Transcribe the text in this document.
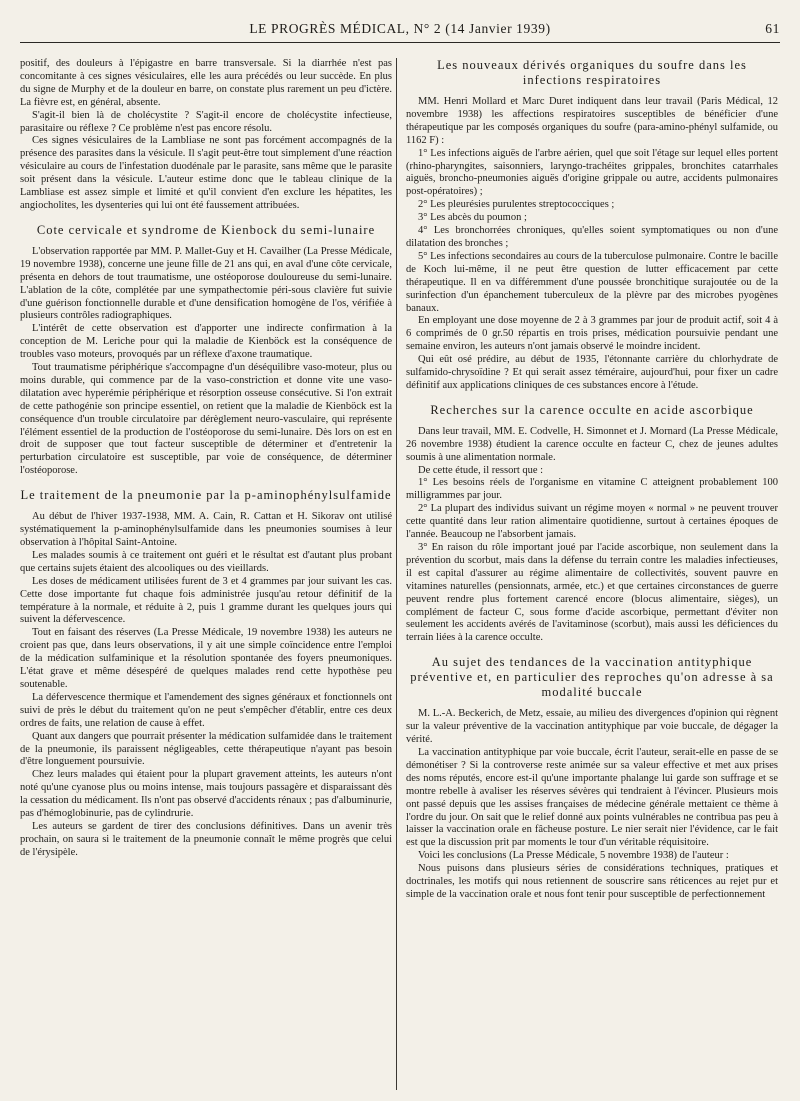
LE PROGRÈS MÉDICAL, N° 2 (14 Janvier 1939)	61

positif, des douleurs à l'épigastre en barre transversale. Si la diarrhée n'est pas concomitante à ces signes vésiculaires, elle les aura précédés ou leur succède. En plus du signe de Murphy et de la douleur en barre, on constate plus rarement un peu d'ictère. La fièvre est, en général, absente.

S'agit-il bien là de cholécystite ? S'agit-il encore de cholécystite infectieuse, parasitaire ou réflexe ? Ce problème n'est pas encore résolu.

Ces signes vésiculaires de la Lambliase ne sont pas forcément accompagnés de la présence des parasites dans la vésicule. Il s'agit peut-être tout simplement d'une réaction vésiculaire au cours de l'infestation duodénale par le parasite, sans même que le parasite soit présent dans la vésicule. L'auteur estime donc que le tableau clinique de la Lambliase est assez simple et limité et qu'il convient d'en exclure les hépatites, les angiocholites, les dysenteries qui lui ont été faussement attribuées.

Cote cervicale et syndrome de Kienbock du semi-lunaire

L'observation rapportée par MM. P. Mallet-Guy et H. Cavailher (La Presse Médicale, 19 novembre 1938), concerne une jeune fille de 21 ans qui, en aval d'une côte cervicale, présenta en dehors de tout traumatisme, une ostéoporose douloureuse du semi-lunaire. L'ablation de la côte, complétée par une sympathectomie péri-sous clavière fut suivie d'une guérison fonctionnelle durable et d'une densification homogène de l'os, vérifiée à plusieurs contrôles radiographiques.

L'intérêt de cette observation est d'apporter une indirecte confirmation à la conception de M. Leriche pour qui la maladie de Kienböck est la conséquence de troubles vaso moteurs, provoqués par un réflexe d'axone traumatique.

Tout traumatisme périphérique s'accompagne d'un déséquilibre vaso-moteur, plus ou moins durable, qui commence par de la vaso-constriction et donne vite une vaso-dilatation avec hyperémie périphérique et résorption osseuse consécutive. Si l'on extrait de cette pathogénie son principe essentiel, on retient que la maladie de Kienböck est la conséquence d'un trouble circulatoire par dérèglement neuro-vasculaire, qui représente l'élément essentiel de la production de l'ostéoporose du semi-lunaire. Dès lors on est en droit de supposer que tout facteur susceptible de déterminer et d'entretenir la perturbation circulatoire est susceptible, par voie de conséquence, de déterminer l'ostéoporose.

Le traitement de la pneumonie par la p-aminophénylsulfamide

Au début de l'hiver 1937-1938, MM. A. Cain, R. Cattan et H. Sikorav ont utilisé systématiquement la p-aminophénylsulfamide dans les pneumonies soumises à leur observation à l'hôpital Saint-Antoine.

Les malades soumis à ce traitement ont guéri et le résultat est d'autant plus probant que certains sujets étaient des alcooliques ou des vieillards.

Les doses de médicament utilisées furent de 3 et 4 grammes par jour suivant les cas. Cette dose importante fut chaque fois administrée jusqu'au retour définitif de la température à la normale, et réduite à 2, puis 1 gramme durant les quelques jours qui suivent la défervescence.

Tout en faisant des réserves (La Presse Médicale, 19 novembre 1938) les auteurs ne croient pas que, dans leurs observations, il y ait une simple coïncidence entre l'emploi de la médication sulfaminique et la résolution spontanée des foyers pneumoniques. L'état grave et même désespéré de quelques malades rend cette hypothèse peu soutenable.

La défervescence thermique et l'amendement des signes généraux et fonctionnels ont suivi de près le début du traitement qu'on ne peut s'empêcher d'établir, entre ces deux ordres de faits, une relation de cause à effet.

Quant aux dangers que pourrait présenter la médication sulfamidée dans le traitement de la pneumonie, ils paraissent négligeables, cette thérapeutique n'ayant pas besoin d'être longuement poursuivie.

Chez leurs malades qui étaient pour la plupart gravement atteints, les auteurs n'ont noté qu'une cyanose plus ou moins intense, mais toujours passagère et disparaissant dès la cessation du médicament. Ils n'ont pas observé d'accidents rénaux ; pas d'albuminurie, pas d'hémoglobinurie, pas de cylindrurie.

Les auteurs se gardent de tirer des conclusions définitives. Dans un avenir très prochain, on saura si le traitement de la pneumonie connaît le même progrès que celui de l'érysipèle.

Les nouveaux dérivés organiques du soufre dans les infections respiratoires

MM. Henri Mollard et Marc Duret indiquent dans leur travail (Paris Médical, 12 novembre 1938) les affections respiratoires susceptibles de bénéficier d'une thérapeutique par les composés organiques du soufre (para-amino-phényl sulfamide, ou 1162 F) :

1° Les infections aiguës de l'arbre aérien, quel que soit l'étage sur lequel elles portent (rhino-pharyngites, saisonniers, laryngo-trachéites grippales, bronchites catarrhales aiguës, broncho-pneumonies aiguës d'origine grippale ou autre, accidents pulmonaires post-opératoires) ;

2° Les pleurésies purulentes streptococciques ;

3° Les abcès du poumon ;

4° Les bronchorrées chroniques, qu'elles soient symptomatiques ou non d'une dilatation des bronches ;

5° Les infections secondaires au cours de la tuberculose pulmonaire. Contre le bacille de Koch lui-même, il ne peut être question de lutter efficacement par cette thérapeutique. Il en va différemment d'une poussée bronchitique surajoutée ou de la surinfection d'un épanchement tuberculeux de la plèvre par des microbes pyogènes banaux.

En employant une dose moyenne de 2 à 3 grammes par jour de produit actif, soit 4 à 6 comprimés de 0 gr.50 répartis en trois prises, médication poursuivie pendant une semaine environ, les auteurs n'ont jamais observé le moindre incident.

Qui eût osé prédire, au début de 1935, l'étonnante carrière du chlorhydrate de sulfamido-chrysoïdine ? Et qui serait assez téméraire, aujourd'hui, pour fixer un cadre définitif aux applications cliniques de ces substances encore à l'étude.

Recherches sur la carence occulte en acide ascorbique

Dans leur travail, MM. E. Codvelle, H. Simonnet et J. Mornard (La Presse Médicale, 26 novembre 1938) étudient la carence occulte en facteur C, chez de jeunes adultes soumis à une alimentation normale.

De cette étude, il ressort que :

1° Les besoins réels de l'organisme en vitamine C atteignent probablement 100 milligrammes par jour.

2° La plupart des individus suivant un régime moyen « normal » ne peuvent trouver cette quantité dans leur ration alimentaire quotidienne, surtout à certaines époques de l'année. Beaucoup ne l'absorbent jamais.

3° En raison du rôle important joué par l'acide ascorbique, non seulement dans la prévention du scorbut, mais dans la défense du terrain contre les maladies infectieuses, il est capital d'assurer au régime alimentaire de collectivités, souvent pauvre en vitamines naturelles (pensionnats, armée, etc.) et que certaines circonstances de guerre peuvent rendre plus fortement carencé encore (blocus alimentaire, sièges), un complément de facteur C, sous forme d'acide ascorbique, permettant d'éviter non seulement les accidents avérés de l'avitaminose (scorbut), mais aussi les déficiences du terrain liées à la carence occulte.

Au sujet des tendances de la vaccination antityphique préventive et, en particulier des reproches qu'on adresse à sa modalité buccale

M. L.-A. Beckerich, de Metz, essaie, au milieu des divergences d'opinion qui règnent sur la valeur préventive de la vaccination antityphique par voie buccale, de dégager la vérité.

La vaccination antityphique par voie buccale, écrit l'auteur, serait-elle en passe de se démonétiser ? Si la controverse reste animée sur sa valeur effective et met aux prises des noms réputés, encore est-il qu'une importante phalange lui garde son suffrage et se montre rebelle à avaliser les réserves sévères qui tendraient à l'évincer. Plusieurs mois ont passé depuis que les assises françaises de médecine générale mettaient ce thème à l'ordre du jour. On sait que le relief donné aux points vulnérables ne contribua pas peu à laisser la vaccination orale en fâcheuse posture. Le nier serait nier l'évidence, car le fait est que la discussion prit par moments le tour d'un véritable réquisitoire.

Voici les conclusions (La Presse Médicale, 5 novembre 1938) de l'auteur :

Nous puisons dans plusieurs séries de considérations techniques, pratiques et doctrinales, les motifs qui nous retiennent de souscrire sans réticences au rejet pur et simple de la vaccination orale et nous font tenir pour susceptible de perfectionnement
